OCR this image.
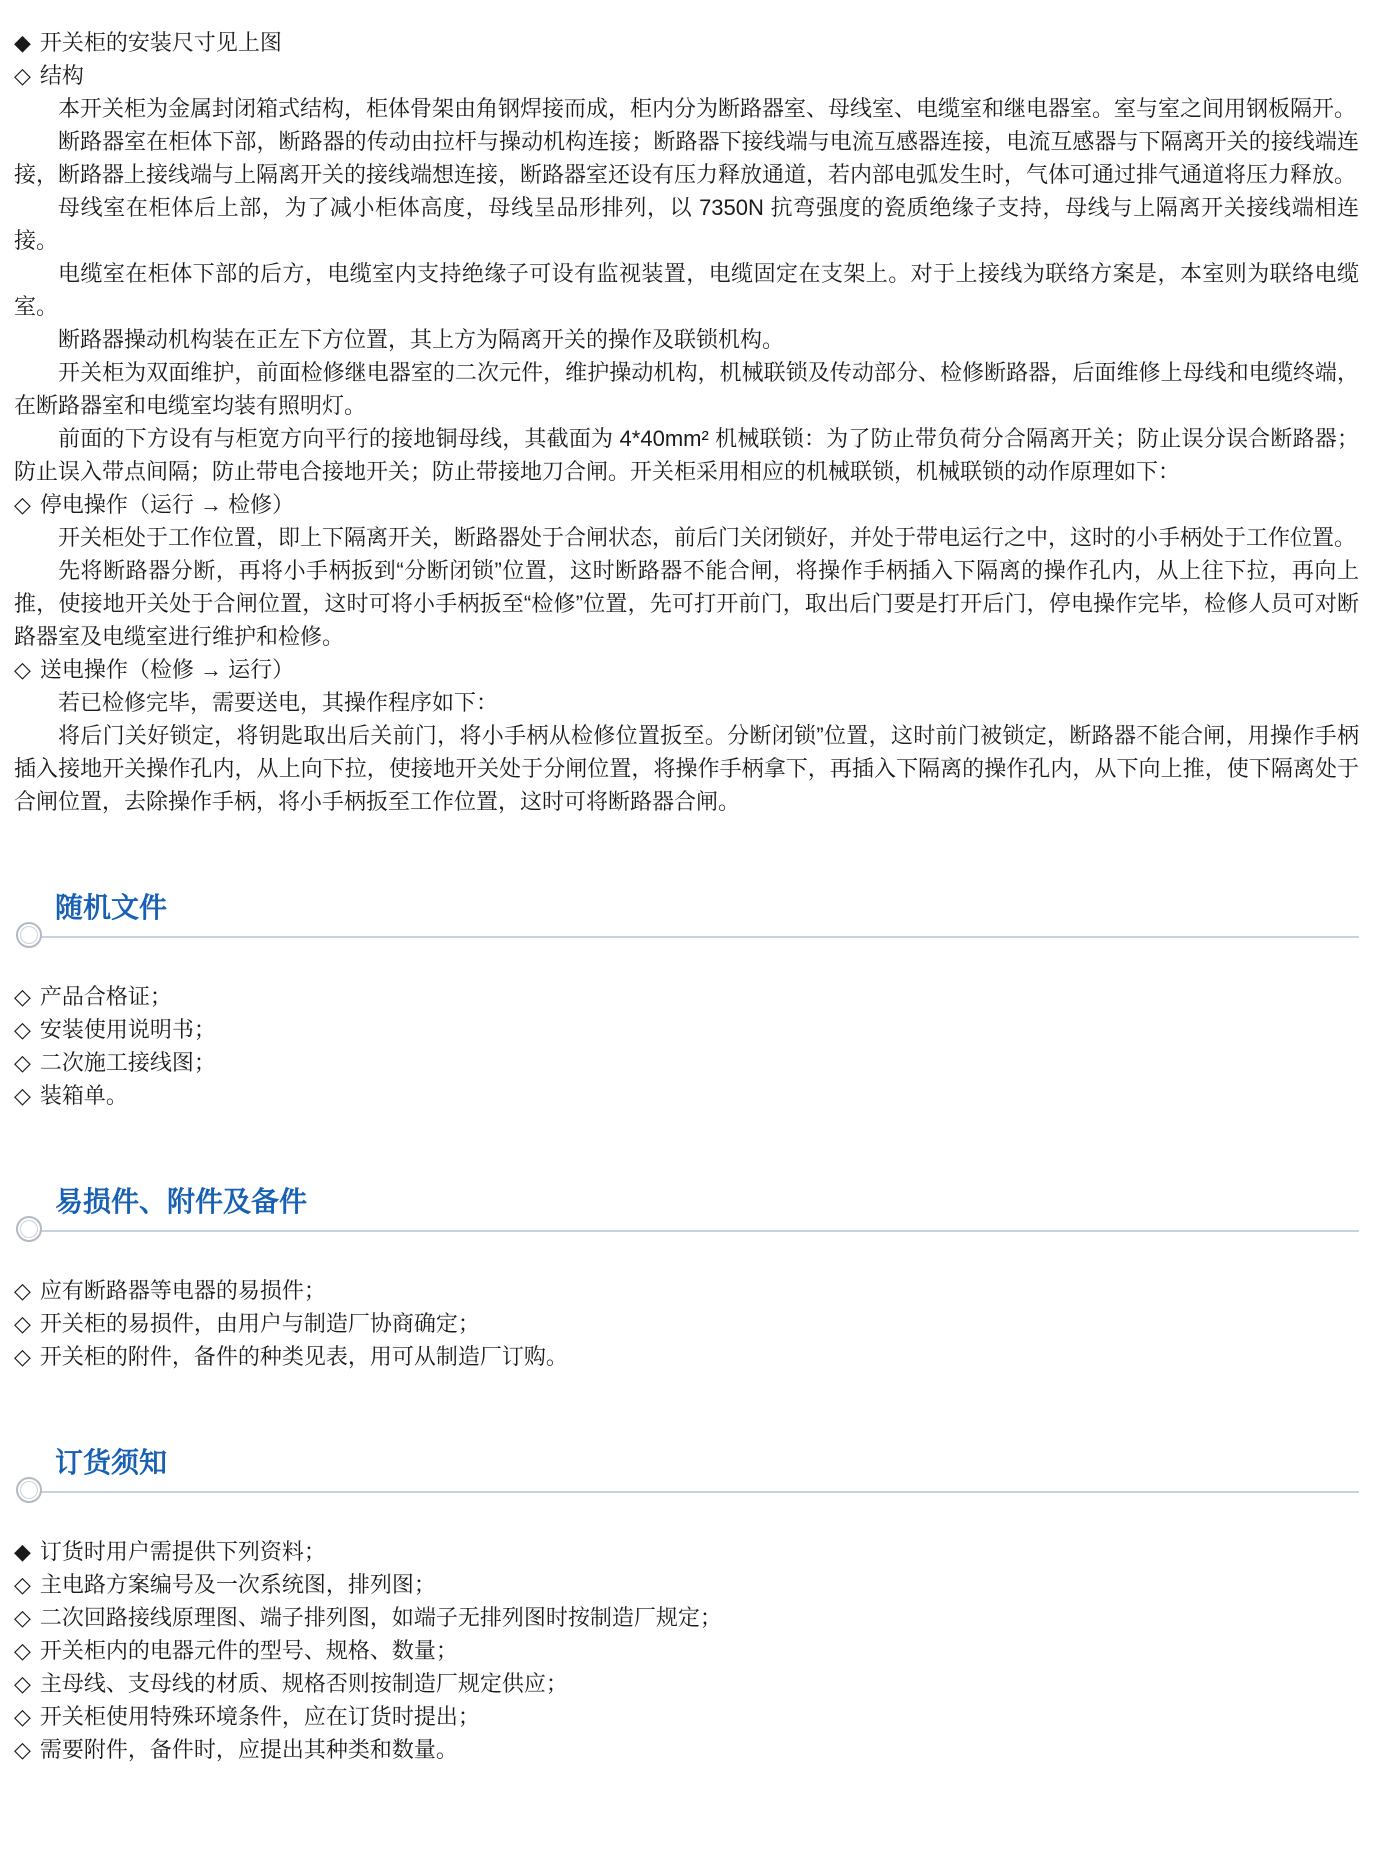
◆ 开关柜的安装尺寸见上图

◇ 结构

本开关柜为金属封闭箱式结构，柜体骨架由角钢焊接而成，柜内分为断路器室、母线室、电缆室和继电器室。室与室之间用钢板隔开。

断路器室在柜体下部，断路器的传动由拉杆与操动机构连接；断路器下接线端与电流互感器连接，电流互感器与下隔离开关的接线端连接，断路器上接线端与上隔离开关的接线端想连接，断路器室还设有压力释放通道，若内部电弧发生时，气体可通过排气通道将压力释放。

母线室在柜体后上部，为了减小柜体高度，母线呈品形排列，以 7350N 抗弯强度的瓷质绝缘子支持，母线与上隔离开关接线端相连接。

电缆室在柜体下部的后方，电缆室内支持绝缘子可设有监视装置，电缆固定在支架上。对于上接线为联络方案是，本室则为联络电缆室。

断路器操动机构装在正左下方位置，其上方为隔离开关的操作及联锁机构。

开关柜为双面维护，前面检修继电器室的二次元件，维护操动机构，机械联锁及传动部分、检修断路器，后面维修上母线和电缆终端，在断路器室和电缆室均装有照明灯。

前面的下方设有与柜宽方向平行的接地铜母线，其截面为 4*40mm² 机械联锁：为了防止带负荷分合隔离开关；防止误分误合断路器；防止误入带点间隔；防止带电合接地开关；防止带接地刀合闸。开关柜采用相应的机械联锁，机械联锁的动作原理如下：

◇ 停电操作（运行 → 检修）

开关柜处于工作位置，即上下隔离开关，断路器处于合闸状态，前后门关闭锁好，并处于带电运行之中，这时的小手柄处于工作位置。

先将断路器分断，再将小手柄扳到“分断闭锁”位置，这时断路器不能合闸，将操作手柄插入下隔离的操作孔内，从上往下拉，再向上推，使接地开关处于合闸位置，这时可将小手柄扳至“检修”位置，先可打开前门，取出后门要是打开后门，停电操作完毕，检修人员可对断路器室及电缆室进行维护和检修。

◇ 送电操作（检修 → 运行）

若已检修完毕，需要送电，其操作程序如下：

将后门关好锁定，将钥匙取出后关前门，将小手柄从检修位置扳至。分断闭锁”位置，这时前门被锁定，断路器不能合闸，用操作手柄插入接地开关操作孔内，从上向下拉，使接地开关处于分闸位置，将操作手柄拿下，再插入下隔离的操作孔内，从下向上推，使下隔离处于合闸位置，去除操作手柄，将小手柄扳至工作位置，这时可将断路器合闸。

随机文件

◇ 产品合格证；

◇ 安装使用说明书；

◇ 二次施工接线图；

◇ 装箱单。

易损件、附件及备件

◇ 应有断路器等电器的易损件；

◇ 开关柜的易损件，由用户与制造厂协商确定；

◇ 开关柜的附件，备件的种类见表，用可从制造厂订购。

订货须知

◆ 订货时用户需提供下列资料；

◇ 主电路方案编号及一次系统图，排列图；

◇ 二次回路接线原理图、端子排列图，如端子无排列图时按制造厂规定；

◇ 开关柜内的电器元件的型号、规格、数量；

◇ 主母线、支母线的材质、规格否则按制造厂规定供应；

◇ 开关柜使用特殊环境条件，应在订货时提出；

◇ 需要附件，备件时，应提出其种类和数量。
